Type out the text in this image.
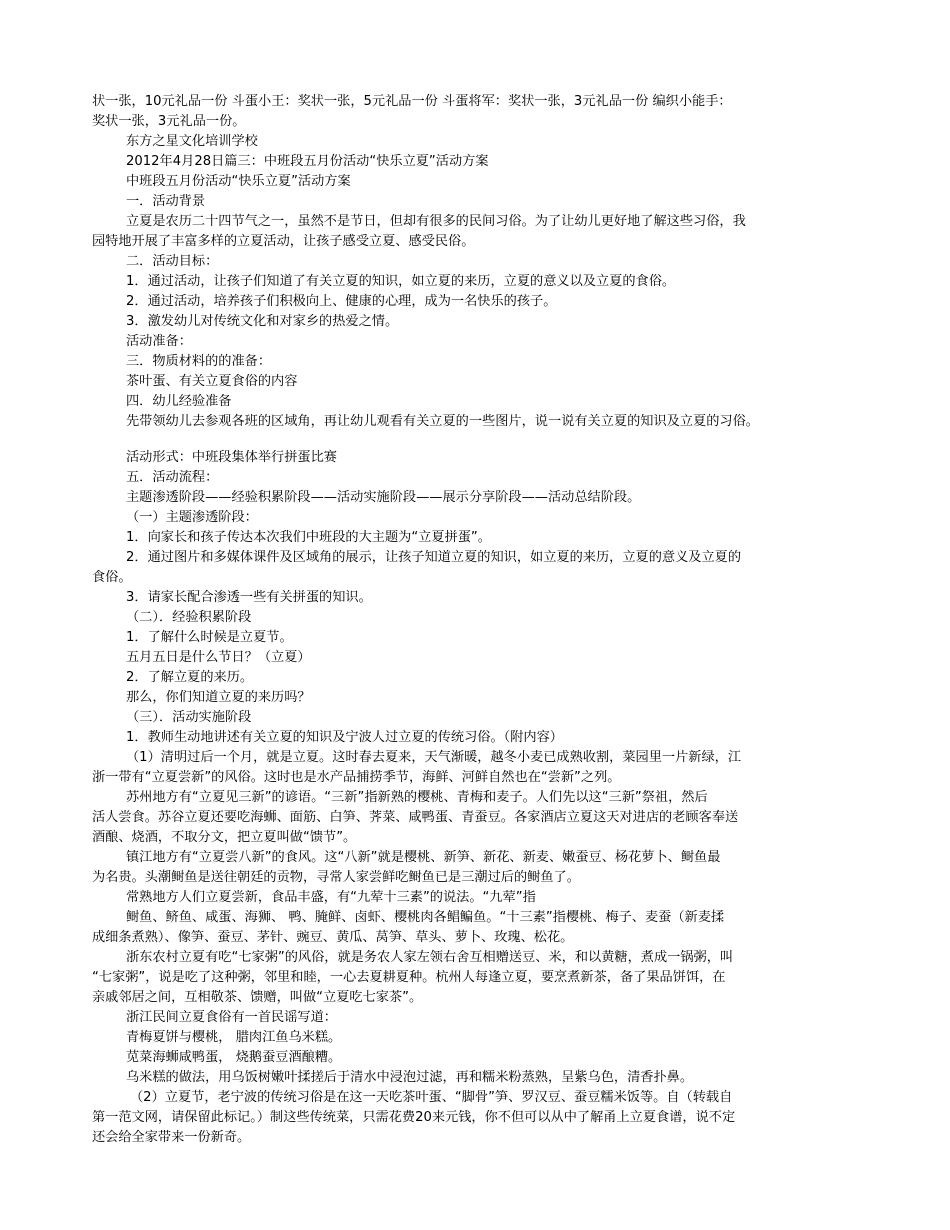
状一张，10元礼品一份 斗蛋小王：奖状一张，5元礼品一份 斗蛋将军：奖状一张，3元礼品一份 编织小能手：
奖状一张，3元礼品一份。
东方之星文化培训学校
2012年4月28日篇三：中班段五月份活动“快乐立夏”活动方案
中班段五月份活动“快乐立夏”活动方案
一．活动背景
立夏是农历二十四节气之一，虽然不是节日，但却有很多的民间习俗。为了让幼儿更好地了解这些习俗，我
园特地开展了丰富多样的立夏活动，让孩子感受立夏、感受民俗。
二．活动目标：
1．通过活动，让孩子们知道了有关立夏的知识，如立夏的来历，立夏的意义以及立夏的食俗。
2．通过活动，培养孩子们积极向上、健康的心理，成为一名快乐的孩子。
3．激发幼儿对传统文化和对家乡的热爱之情。
活动准备：
三．物质材料的的准备：
茶叶蛋、有关立夏食俗的内容
四．幼儿经验准备
先带领幼儿去参观各班的区域角，再让幼儿观看有关立夏的一些图片，说一说有关立夏的知识及立夏的习俗。
活动形式：中班段集体举行拼蛋比赛
五．活动流程：
主题渗透阶段——经验积累阶段——活动实施阶段——展示分享阶段——活动总结阶段。
（一）主题渗透阶段：
1．向家长和孩子传达本次我们中班段的大主题为“立夏拼蛋”。
2．通过图片和多媒体课件及区域角的展示，让孩子知道立夏的知识，如立夏的来历，立夏的意义及立夏的
食俗。
3．请家长配合渗透一些有关拼蛋的知识。
（二）．经验积累阶段
1．了解什么时候是立夏节。
五月五日是什么节日？（立夏）
2．了解立夏的来历。
那么，你们知道立夏的来历吗？
（三）．活动实施阶段
1．教师生动地讲述有关立夏的知识及宁波人过立夏的传统习俗。（附内容）
（1）清明过后一个月，就是立夏。这时春去夏来，天气渐暖，越冬小麦已成熟收割，菜园里一片新绿，江
浙一带有“立夏尝新”的风俗。这时也是水产品捕捞季节，海鲜、河鲜自然也在“尝新”之列。
苏州地方有“立夏见三新”的谚语。“三新”指新熟的樱桃、青梅和麦子。人们先以这“三新”祭祖，然后
活人尝食。苏谷立夏还要吃海蛳、面筋、白笋、荠菜、咸鸭蛋、青蚕豆。各家酒店立夏这天对进店的老顾客奉送
酒酿、烧酒，不取分文，把立夏叫做“馈节”。
镇江地方有“立夏尝八新”的食风。这“八新”就是樱桃、新笋、新花、新麦、嫩蚕豆、杨花萝卜、鲥鱼最
为名贵。头潮鲥鱼是送往朝廷的贡物，寻常人家尝鲜吃鲥鱼已是三潮过后的鲥鱼了。
常熟地方人们立夏尝新，食品丰盛，有“九荤十三素”的说法。“九荤”指
鲥鱼、鲚鱼、咸蛋、海狮、 鸭、腌鲜、卤虾、樱桃肉各鲳鳊鱼。“十三素”指樱桃、梅子、麦蚕（新麦揉
成细条煮熟）、像笋、蚕豆、茅针、豌豆、黄瓜、莴笋、草头、萝卜、玫瑰、松花。
浙东农村立夏有吃“七家粥”的风俗，就是务农人家左领右舍互相赠送豆、米，和以黄糖，煮成一锅粥，叫
“七家粥”，说是吃了这种粥，邻里和睦，一心去夏耕夏种。杭州人每逢立夏，要烹煮新茶，备了果品饼饵，在
亲戚邻居之间，互相敬茶、馈赠，叫做“立夏吃七家茶”。
浙江民间立夏食俗有一首民谣写道：
青梅夏饼与樱桃， 腊肉江鱼乌米糕。
苋菜海蛳咸鸭蛋， 烧鹅蚕豆酒酿糟。
乌米糕的做法，用乌饭树嫩叶揉搓后于清水中浸泡过滤，再和糯米粉蒸熟，呈紫乌色，清香扑鼻。
（2）立夏节，老宁波的传统习俗是在这一天吃茶叶蛋、“脚骨”笋、罗汉豆、蚕豆糯米饭等。自（转载自
第一范文网，请保留此标记。）制这些传统菜，只需花费20来元钱，你不但可以从中了解甬上立夏食谱，说不定
还会给全家带来一份新奇。
